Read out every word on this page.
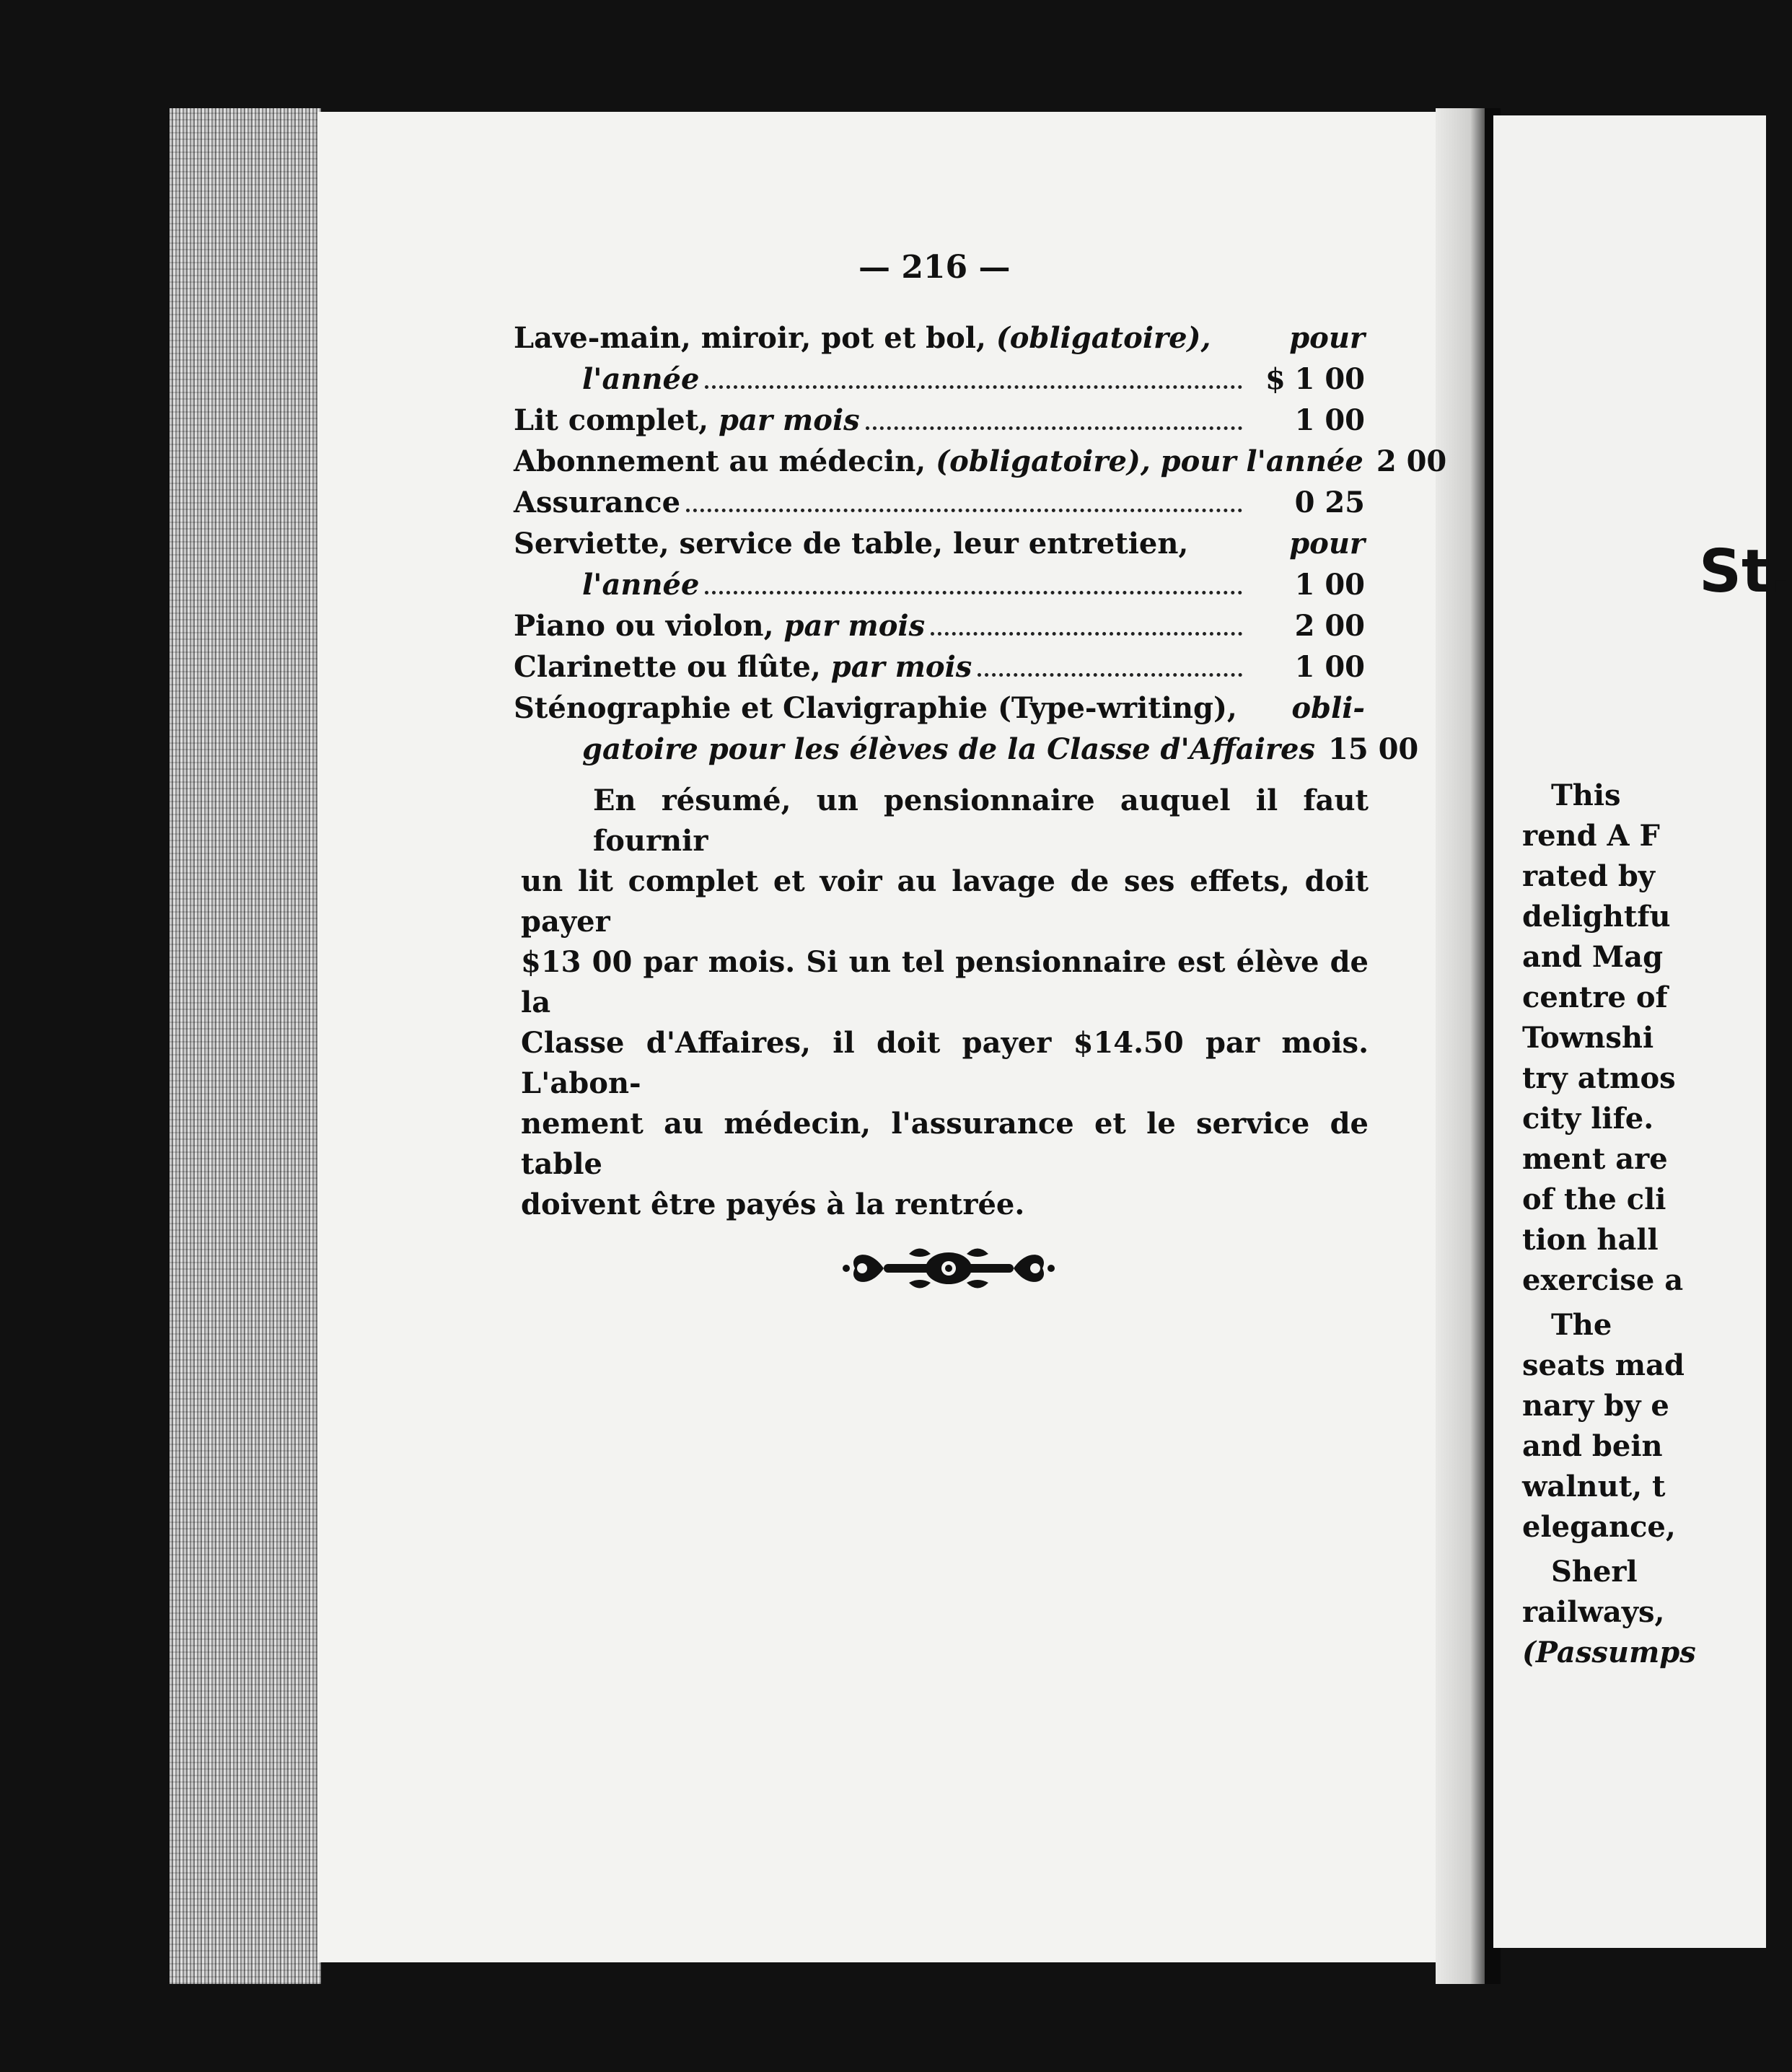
— 216 —
Lave-main, miroir, pot et bol, (obligatoire),	pour
l'année	$ 1 00
Lit complet, par mois	1 00
Abonnement au médecin, (obligatoire), pour l'année 2 00
Assurance	0 25
Serviette, service de table, leur entretien,	pour
l'année	1 00
Piano ou violon, par mois	2 00
Clarinette ou flûte, par mois	1 00
Sténographie et Clavigraphie (Type-writing), obli-
gatoire pour les élèves de la Classe d'Affaires 15 00
En résumé, un pensionnaire auquel il faut fournir
un lit complet et voir au lavage de ses effets, doit payer
$13 00 par mois. Si un tel pensionnaire est élève de la
Classe d'Affaires, il doit payer $14.50 par mois. L'abon-
nement au médecin, l'assurance et le service de table
doivent être payés à la rentrée.
St.
This
rend A F
rated by
delightfu
and Mag
centre of
Townshi
try atmos
city life.
ment are
of the cli
tion hall
exercise a
The
seats mad
nary by e
and bein
walnut, t
elegance,
Sherl
railways,
(Passumps
